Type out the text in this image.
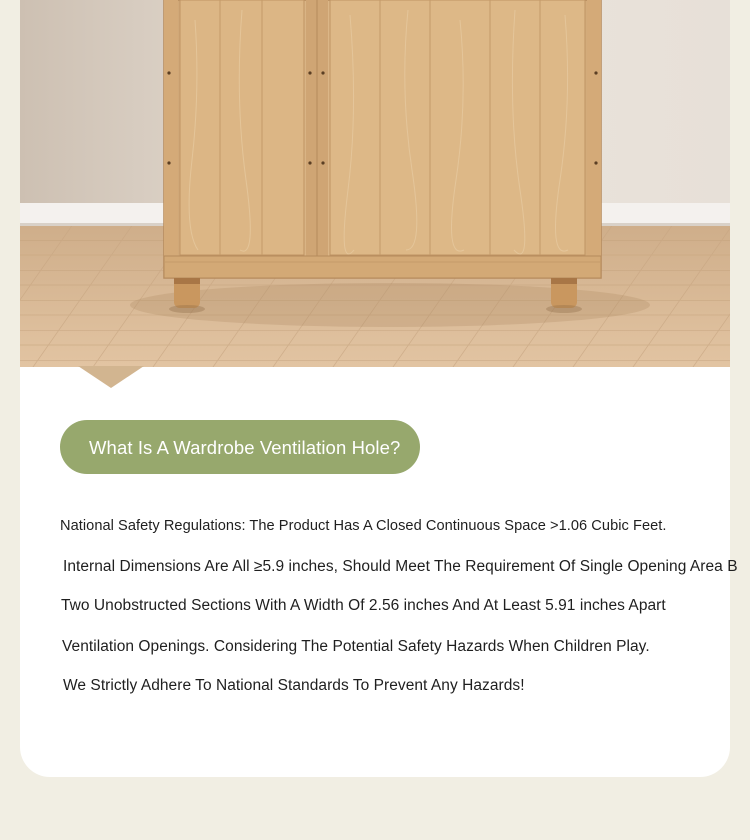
What Is A Wardrobe Ventilation Hole?
National Safety Regulations: The Product Has A Closed Continuous Space >1.06 Cubic Feet.
Internal Dimensions Are All ≥5.9 inches, Should Meet The Requirement Of Single Opening Area B
Two Unobstructed Sections With A Width Of 2.56 inches And At Least 5.91 inches Apart
Ventilation Openings. Considering The Potential Safety Hazards When Children Play.
We Strictly Adhere To National Standards To Prevent Any Hazards!
